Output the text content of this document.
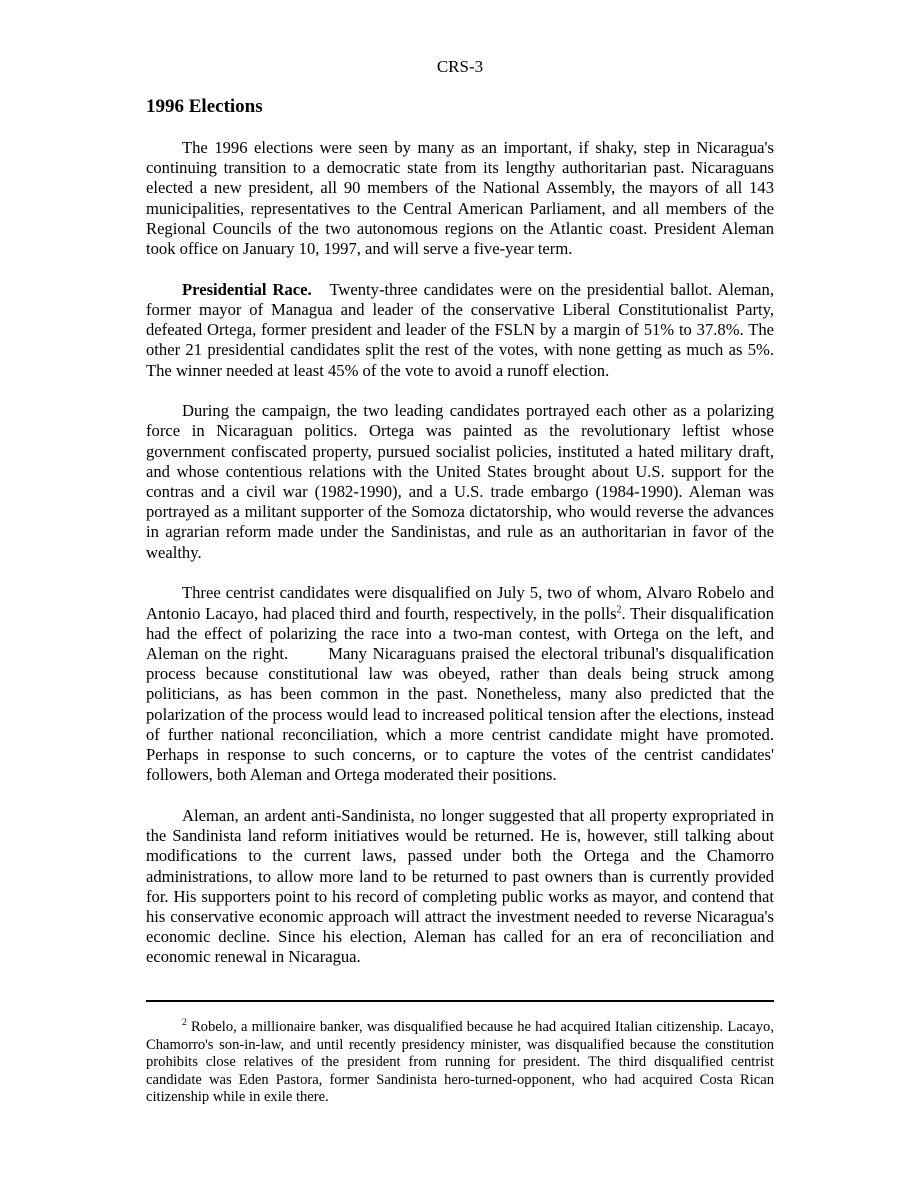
CRS-3
1996 Elections

The 1996 elections were seen by many as an important, if shaky, step in Nicaragua's continuing transition to a democratic state from its lengthy authoritarian past. Nicaraguans elected a new president, all 90 members of the National Assembly, the mayors of all 143 municipalities, representatives to the Central American Parliament, and all members of the Regional Councils of the two autonomous regions on the Atlantic coast. President Aleman took office on January 10, 1997, and will serve a five-year term.

Presidential Race. Twenty-three candidates were on the presidential ballot. Aleman, former mayor of Managua and leader of the conservative Liberal Constitutionalist Party, defeated Ortega, former president and leader of the FSLN by a margin of 51% to 37.8%. The other 21 presidential candidates split the rest of the votes, with none getting as much as 5%. The winner needed at least 45% of the vote to avoid a runoff election.

During the campaign, the two leading candidates portrayed each other as a polarizing force in Nicaraguan politics. Ortega was painted as the revolutionary leftist whose government confiscated property, pursued socialist policies, instituted a hated military draft, and whose contentious relations with the United States brought about U.S. support for the contras and a civil war (1982-1990), and a U.S. trade embargo (1984-1990). Aleman was portrayed as a militant supporter of the Somoza dictatorship, who would reverse the advances in agrarian reform made under the Sandinistas, and rule as an authoritarian in favor of the wealthy.

Three centrist candidates were disqualified on July 5, two of whom, Alvaro Robelo and Antonio Lacayo, had placed third and fourth, respectively, in the polls$^2$. Their disqualification had the effect of polarizing the race into a two-man contest, with Ortega on the left, and Aleman on the right. Many Nicaraguans praised the electoral tribunal's disqualification process because constitutional law was obeyed, rather than deals being struck among politicians, as has been common in the past. Nonetheless, many also predicted that the polarization of the process would lead to increased political tension after the elections, instead of further national reconciliation, which a more centrist candidate might have promoted. Perhaps in response to such concerns, or to capture the votes of the centrist candidates' followers, both Aleman and Ortega moderated their positions.

Aleman, an ardent anti-Sandinista, no longer suggested that all property expropriated in the Sandinista land reform initiatives would be returned. He is, however, still talking about modifications to the current laws, passed under both the Ortega and the Chamorro administrations, to allow more land to be returned to past owners than is currently provided for. His supporters point to his record of completing public works as mayor, and contend that his conservative economic approach will attract the investment needed to reverse Nicaragua's economic decline. Since his election, Aleman has called for an era of reconciliation and economic renewal in Nicaragua.

$^2$ Robelo, a millionaire banker, was disqualified because he had acquired Italian citizenship. Lacayo, Chamorro's son-in-law, and until recently presidency minister, was disqualified because the constitution prohibits close relatives of the president from running for president. The third disqualified centrist candidate was Eden Pastora, former Sandinista hero-turned-opponent, who had acquired Costa Rican citizenship while in exile there.
